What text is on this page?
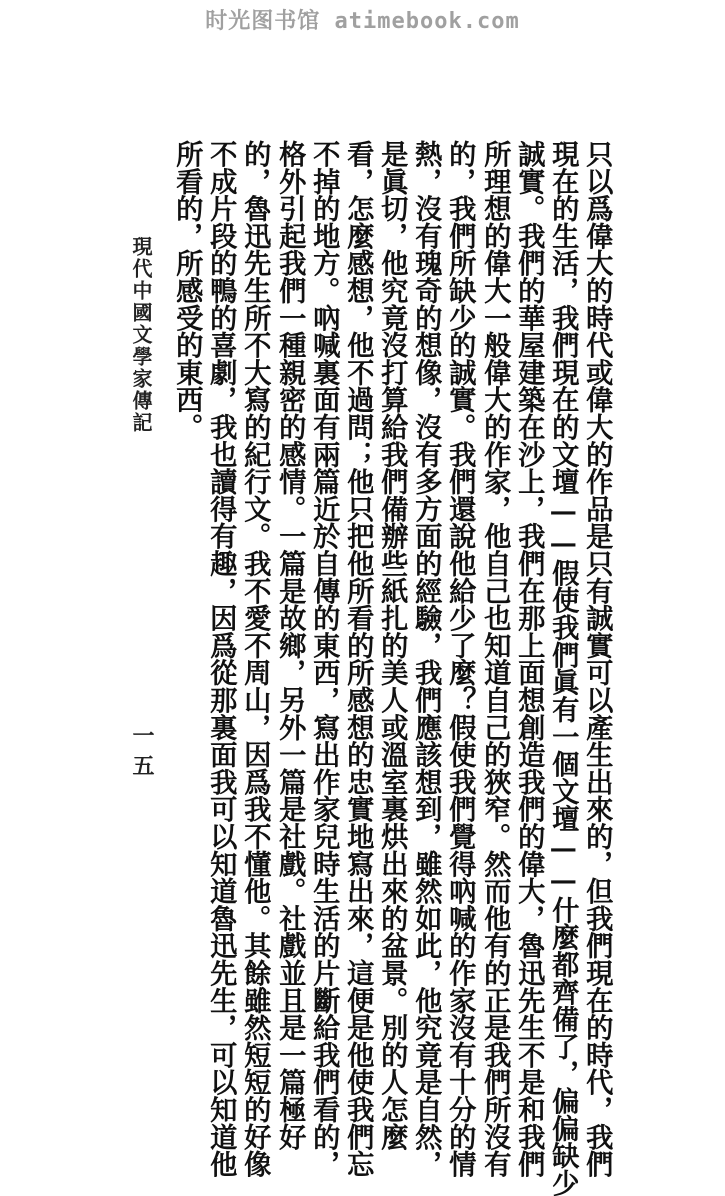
时光图书馆 atimebook.com
只以爲偉大的時代或偉大的作品是只有誠實可以產生出來的，但我們現在的時代，我們
現在的生活，我們現在的文壇——假使我們眞有一個文壇——什麼都齊備了，偏偏缺少
誠實。我們的華屋建築在沙上，我們在那上面想創造我們的偉大，魯迅先生不是和我們
所理想的偉大一般偉大的作家，他自己也知道自己的狹窄。然而他有的正是我們所沒有
的，我們所缺少的誠實。我們還說他給少了麼？假使我們覺得吶喊的作家沒有十分的情
熱，沒有瑰奇的想像，沒有多方面的經驗，我們應該想到，雖然如此，他究竟是自然，
是眞切，他究竟沒打算給我們備辦些紙扎的美人或溫室裏烘出來的盆景。別的人怎麼
看，怎麼感想，他不過問；他只把他所看的所感想的忠實地寫出來，這便是他使我們忘
不掉的地方。吶喊裏面有兩篇近於自傳的東西，寫出作家兒時生活的片斷給我們看的，
格外引起我們一種親密的感情。一篇是故鄉，另外一篇是社戲。社戲並且是一篇極好
的，魯迅先生所不大寫的紀行文。我不愛不周山，因爲我不懂他。其餘雖然短短的好像
不成片段的鴨的喜劇，我也讀得有趣，因爲從那裏面我可以知道魯迅先生，可以知道他
所看的，所感受的東西。
現代中國文學家傳記
一五
